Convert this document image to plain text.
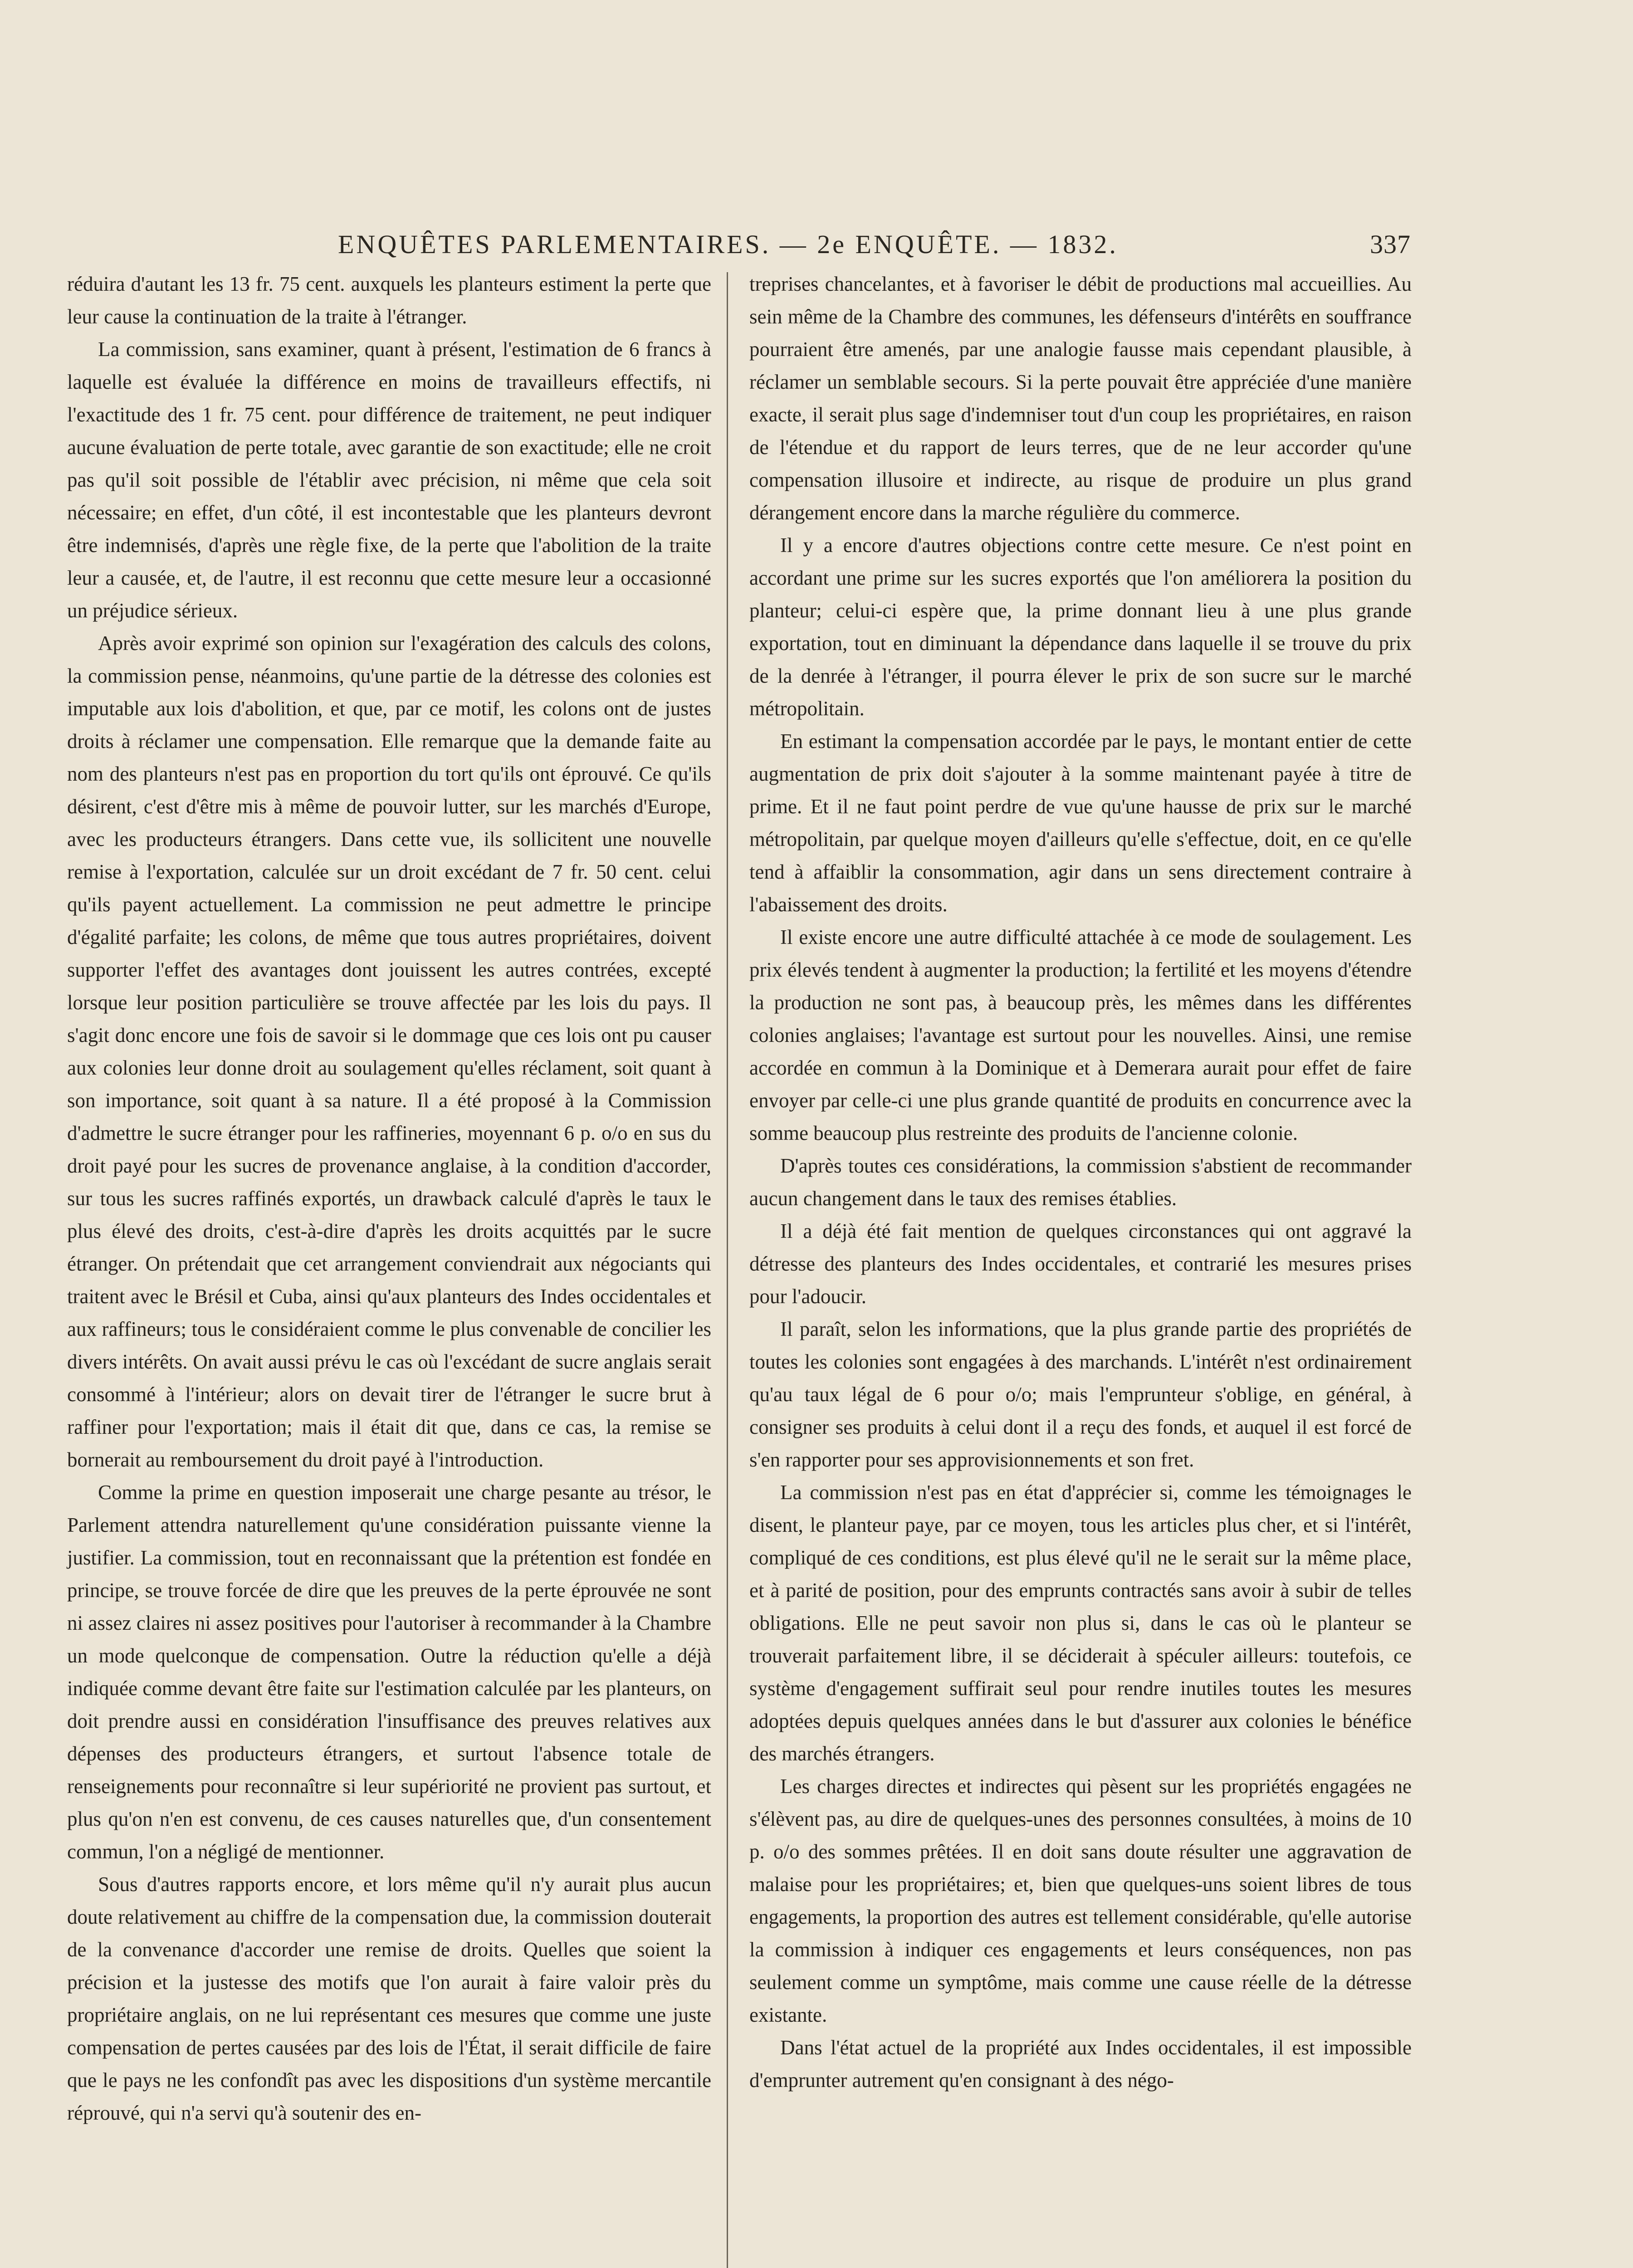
ENQUÊTES PARLEMENTAIRES. — 2e ENQUÊTE. — 1832.	337

réduira d'autant les 13 fr. 75 cent. auxquels les planteurs estiment la perte que leur cause la continuation de la traite à l'étranger.

La commission, sans examiner, quant à présent, l'estimation de 6 francs à laquelle est évaluée la différence en moins de travailleurs effectifs, ni l'exactitude des 1 fr. 75 cent. pour différence de traitement, ne peut indiquer aucune évaluation de perte totale, avec garantie de son exactitude; elle ne croit pas qu'il soit possible de l'établir avec précision, ni même que cela soit nécessaire; en effet, d'un côté, il est incontestable que les planteurs devront être indemnisés, d'après une règle fixe, de la perte que l'abolition de la traite leur a causée, et, de l'autre, il est reconnu que cette mesure leur a occasionné un préjudice sérieux.

Après avoir exprimé son opinion sur l'exagération des calculs des colons, la commission pense, néanmoins, qu'une partie de la détresse des colonies est imputable aux lois d'abolition, et que, par ce motif, les colons ont de justes droits à réclamer une compensation. Elle remarque que la demande faite au nom des planteurs n'est pas en proportion du tort qu'ils ont éprouvé. Ce qu'ils désirent, c'est d'être mis à même de pouvoir lutter, sur les marchés d'Europe, avec les producteurs étrangers. Dans cette vue, ils sollicitent une nouvelle remise à l'exportation, calculée sur un droit excédant de 7 fr. 50 cent. celui qu'ils payent actuellement. La commission ne peut admettre le principe d'égalité parfaite; les colons, de même que tous autres propriétaires, doivent supporter l'effet des avantages dont jouissent les autres contrées, excepté lorsque leur position particulière se trouve affectée par les lois du pays. Il s'agit donc encore une fois de savoir si le dommage que ces lois ont pu causer aux colonies leur donne droit au soulagement qu'elles réclament, soit quant à son importance, soit quant à sa nature. Il a été proposé à la Commission d'admettre le sucre étranger pour les raffineries, moyennant 6 p. o/o en sus du droit payé pour les sucres de provenance anglaise, à la condition d'accorder, sur tous les sucres raffinés exportés, un drawback calculé d'après le taux le plus élevé des droits, c'est-à-dire d'après les droits acquittés par le sucre étranger. On prétendait que cet arrangement conviendrait aux négociants qui traitent avec le Brésil et Cuba, ainsi qu'aux planteurs des Indes occidentales et aux raffineurs; tous le considéraient comme le plus convenable de concilier les divers intérêts. On avait aussi prévu le cas où l'excédant de sucre anglais serait consommé à l'intérieur; alors on devait tirer de l'étranger le sucre brut à raffiner pour l'exportation; mais il était dit que, dans ce cas, la remise se bornerait au remboursement du droit payé à l'introduction.

Comme la prime en question imposerait une charge pesante au trésor, le Parlement attendra naturellement qu'une considération puissante vienne la justifier. La commission, tout en reconnaissant que la prétention est fondée en principe, se trouve forcée de dire que les preuves de la perte éprouvée ne sont ni assez claires ni assez positives pour l'autoriser à recommander à la Chambre un mode quelconque de compensation. Outre la réduction qu'elle a déjà indiquée comme devant être faite sur l'estimation calculée par les planteurs, on doit prendre aussi en considération l'insuffisance des preuves relatives aux dépenses des producteurs étrangers, et surtout l'absence totale de renseignements pour reconnaître si leur supériorité ne provient pas surtout, et plus qu'on n'en est convenu, de ces causes naturelles que, d'un consentement commun, l'on a négligé de mentionner.

Sous d'autres rapports encore, et lors même qu'il n'y aurait plus aucun doute relativement au chiffre de la compensation due, la commission douterait de la convenance d'accorder une remise de droits. Quelles que soient la précision et la justesse des motifs que l'on aurait à faire valoir près du propriétaire anglais, on ne lui représentant ces mesures que comme une juste compensation de pertes causées par des lois de l'État, il serait difficile de faire que le pays ne les confondît pas avec les dispositions d'un système mercantile réprouvé, qui n'a servi qu'à soutenir des en-

treprises chancelantes, et à favoriser le débit de productions mal accueillies. Au sein même de la Chambre des communes, les défenseurs d'intérêts en souffrance pourraient être amenés, par une analogie fausse mais cependant plausible, à réclamer un semblable secours. Si la perte pouvait être appréciée d'une manière exacte, il serait plus sage d'indemniser tout d'un coup les propriétaires, en raison de l'étendue et du rapport de leurs terres, que de ne leur accorder qu'une compensation illusoire et indirecte, au risque de produire un plus grand dérangement encore dans la marche régulière du commerce.

Il y a encore d'autres objections contre cette mesure. Ce n'est point en accordant une prime sur les sucres exportés que l'on améliorera la position du planteur; celui-ci espère que, la prime donnant lieu à une plus grande exportation, tout en diminuant la dépendance dans laquelle il se trouve du prix de la denrée à l'étranger, il pourra élever le prix de son sucre sur le marché métropolitain.

En estimant la compensation accordée par le pays, le montant entier de cette augmentation de prix doit s'ajouter à la somme maintenant payée à titre de prime. Et il ne faut point perdre de vue qu'une hausse de prix sur le marché métropolitain, par quelque moyen d'ailleurs qu'elle s'effectue, doit, en ce qu'elle tend à affaiblir la consommation, agir dans un sens directement contraire à l'abaissement des droits.

Il existe encore une autre difficulté attachée à ce mode de soulagement. Les prix élevés tendent à augmenter la production; la fertilité et les moyens d'étendre la production ne sont pas, à beaucoup près, les mêmes dans les différentes colonies anglaises; l'avantage est surtout pour les nouvelles. Ainsi, une remise accordée en commun à la Dominique et à Demerara aurait pour effet de faire envoyer par celle-ci une plus grande quantité de produits en concurrence avec la somme beaucoup plus restreinte des produits de l'ancienne colonie.

D'après toutes ces considérations, la commission s'abstient de recommander aucun changement dans le taux des remises établies.

Il a déjà été fait mention de quelques circonstances qui ont aggravé la détresse des planteurs des Indes occidentales, et contrarié les mesures prises pour l'adoucir.

Il paraît, selon les informations, que la plus grande partie des propriétés de toutes les colonies sont engagées à des marchands. L'intérêt n'est ordinairement qu'au taux légal de 6 pour o/o; mais l'emprunteur s'oblige, en général, à consigner ses produits à celui dont il a reçu des fonds, et auquel il est forcé de s'en rapporter pour ses approvisionnements et son fret.

La commission n'est pas en état d'apprécier si, comme les témoignages le disent, le planteur paye, par ce moyen, tous les articles plus cher, et si l'intérêt, compliqué de ces conditions, est plus élevé qu'il ne le serait sur la même place, et à parité de position, pour des emprunts contractés sans avoir à subir de telles obligations. Elle ne peut savoir non plus si, dans le cas où le planteur se trouverait parfaitement libre, il se déciderait à spéculer ailleurs: toutefois, ce système d'engagement suffirait seul pour rendre inutiles toutes les mesures adoptées depuis quelques années dans le but d'assurer aux colonies le bénéfice des marchés étrangers.

Les charges directes et indirectes qui pèsent sur les propriétés engagées ne s'élèvent pas, au dire de quelques-unes des personnes consultées, à moins de 10 p. o/o des sommes prêtées. Il en doit sans doute résulter une aggravation de malaise pour les propriétaires; et, bien que quelques-uns soient libres de tous engagements, la proportion des autres est tellement considérable, qu'elle autorise la commission à indiquer ces engagements et leurs conséquences, non pas seulement comme un symptôme, mais comme une cause réelle de la détresse existante.

Dans l'état actuel de la propriété aux Indes occidentales, il est impossible d'emprunter autrement qu'en consignant à des négo-
